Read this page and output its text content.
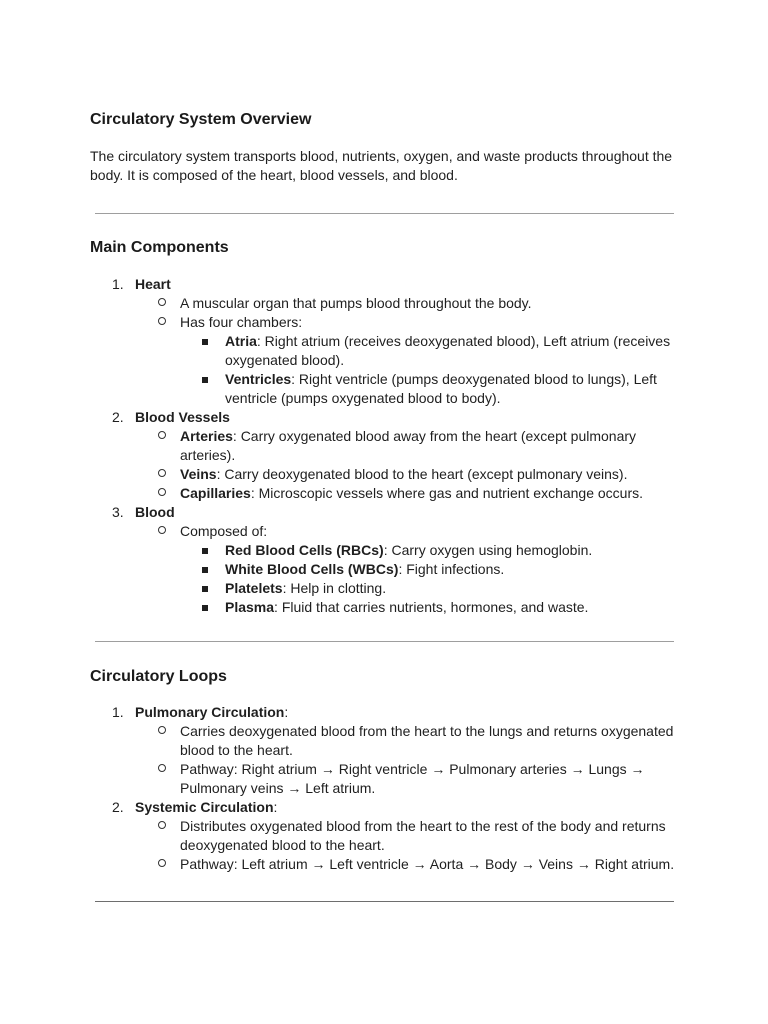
Circulatory System Overview

The circulatory system transports blood, nutrients, oxygen, and waste products throughout the body. It is composed of the heart, blood vessels, and blood.

Main Components
1. Heart
A muscular organ that pumps blood throughout the body.
Has four chambers:
Atria: Right atrium (receives deoxygenated blood), Left atrium (receives oxygenated blood).
Ventricles: Right ventricle (pumps deoxygenated blood to lungs), Left ventricle (pumps oxygenated blood to body).
2. Blood Vessels
Arteries: Carry oxygenated blood away from the heart (except pulmonary arteries).
Veins: Carry deoxygenated blood to the heart (except pulmonary veins).
Capillaries: Microscopic vessels where gas and nutrient exchange occurs.
3. Blood
Composed of:
Red Blood Cells (RBCs): Carry oxygen using hemoglobin.
White Blood Cells (WBCs): Fight infections.
Platelets: Help in clotting.
Plasma: Fluid that carries nutrients, hormones, and waste.
Circulatory Loops
1. Pulmonary Circulation:
Carries deoxygenated blood from the heart to the lungs and returns oxygenated blood to the heart.
Pathway: Right atrium → Right ventricle → Pulmonary arteries → Lungs → Pulmonary veins → Left atrium.
2. Systemic Circulation:
Distributes oxygenated blood from the heart to the rest of the body and returns deoxygenated blood to the heart.
Pathway: Left atrium → Left ventricle → Aorta → Body → Veins → Right atrium.
